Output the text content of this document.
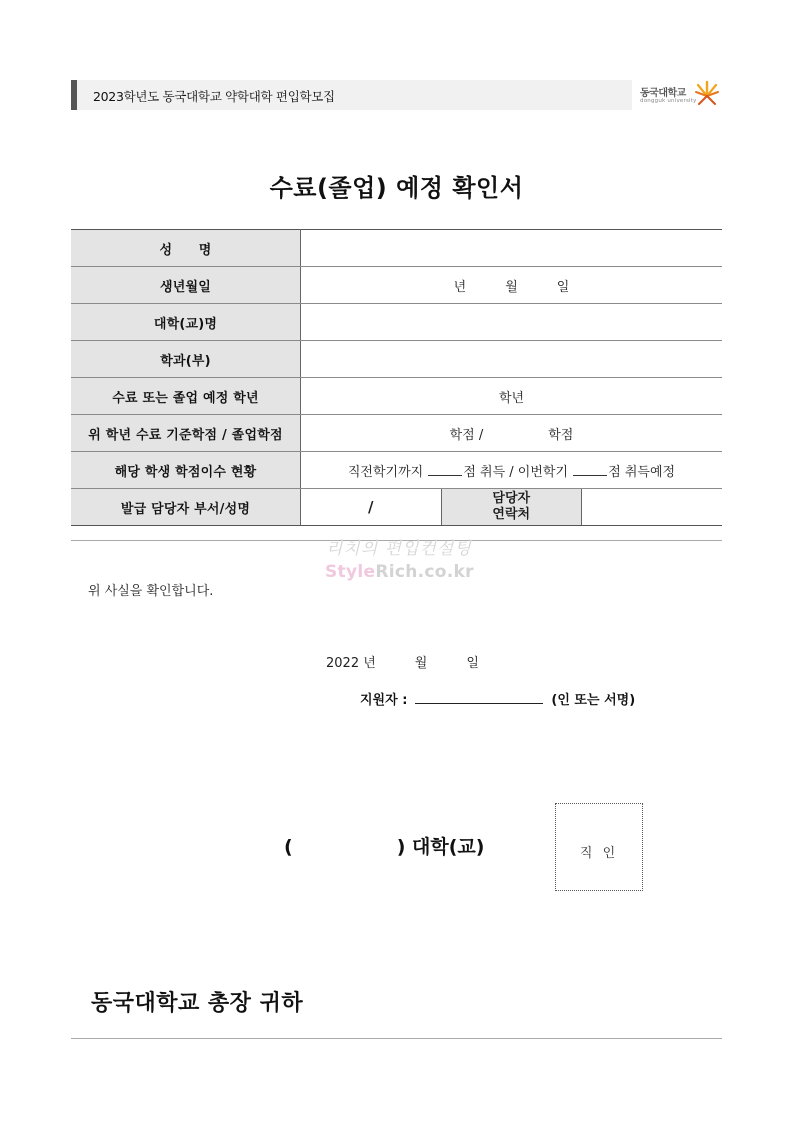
2023학년도 동국대학교 약학대학 편입학모집	동국대학교
dongguk university
수료(졸업) 예정 확인서
성　　명			
생년월일	년　　　월　　　일		
대학(교)명			
학과(부)			
수료 또는 졸업 예정 학년	학년		
위 학년 수료 기준학점 / 졸업학점	학점 /　　　　　학점		
해당 학생 학점이수 현황	직전학기까지 점 취득 / 이번학기 점 취득예정		
발급 담당자 부서/성명	/	담당자
연락처	
리치의 편입컨설팅
StyleRich.co.kr
위 사실을 확인합니다.
2022 년　　　월　　　일
지원자 :	(인 또는 서명)
(	) 대학(교)	직 인
동국대학교 총장 귀하
